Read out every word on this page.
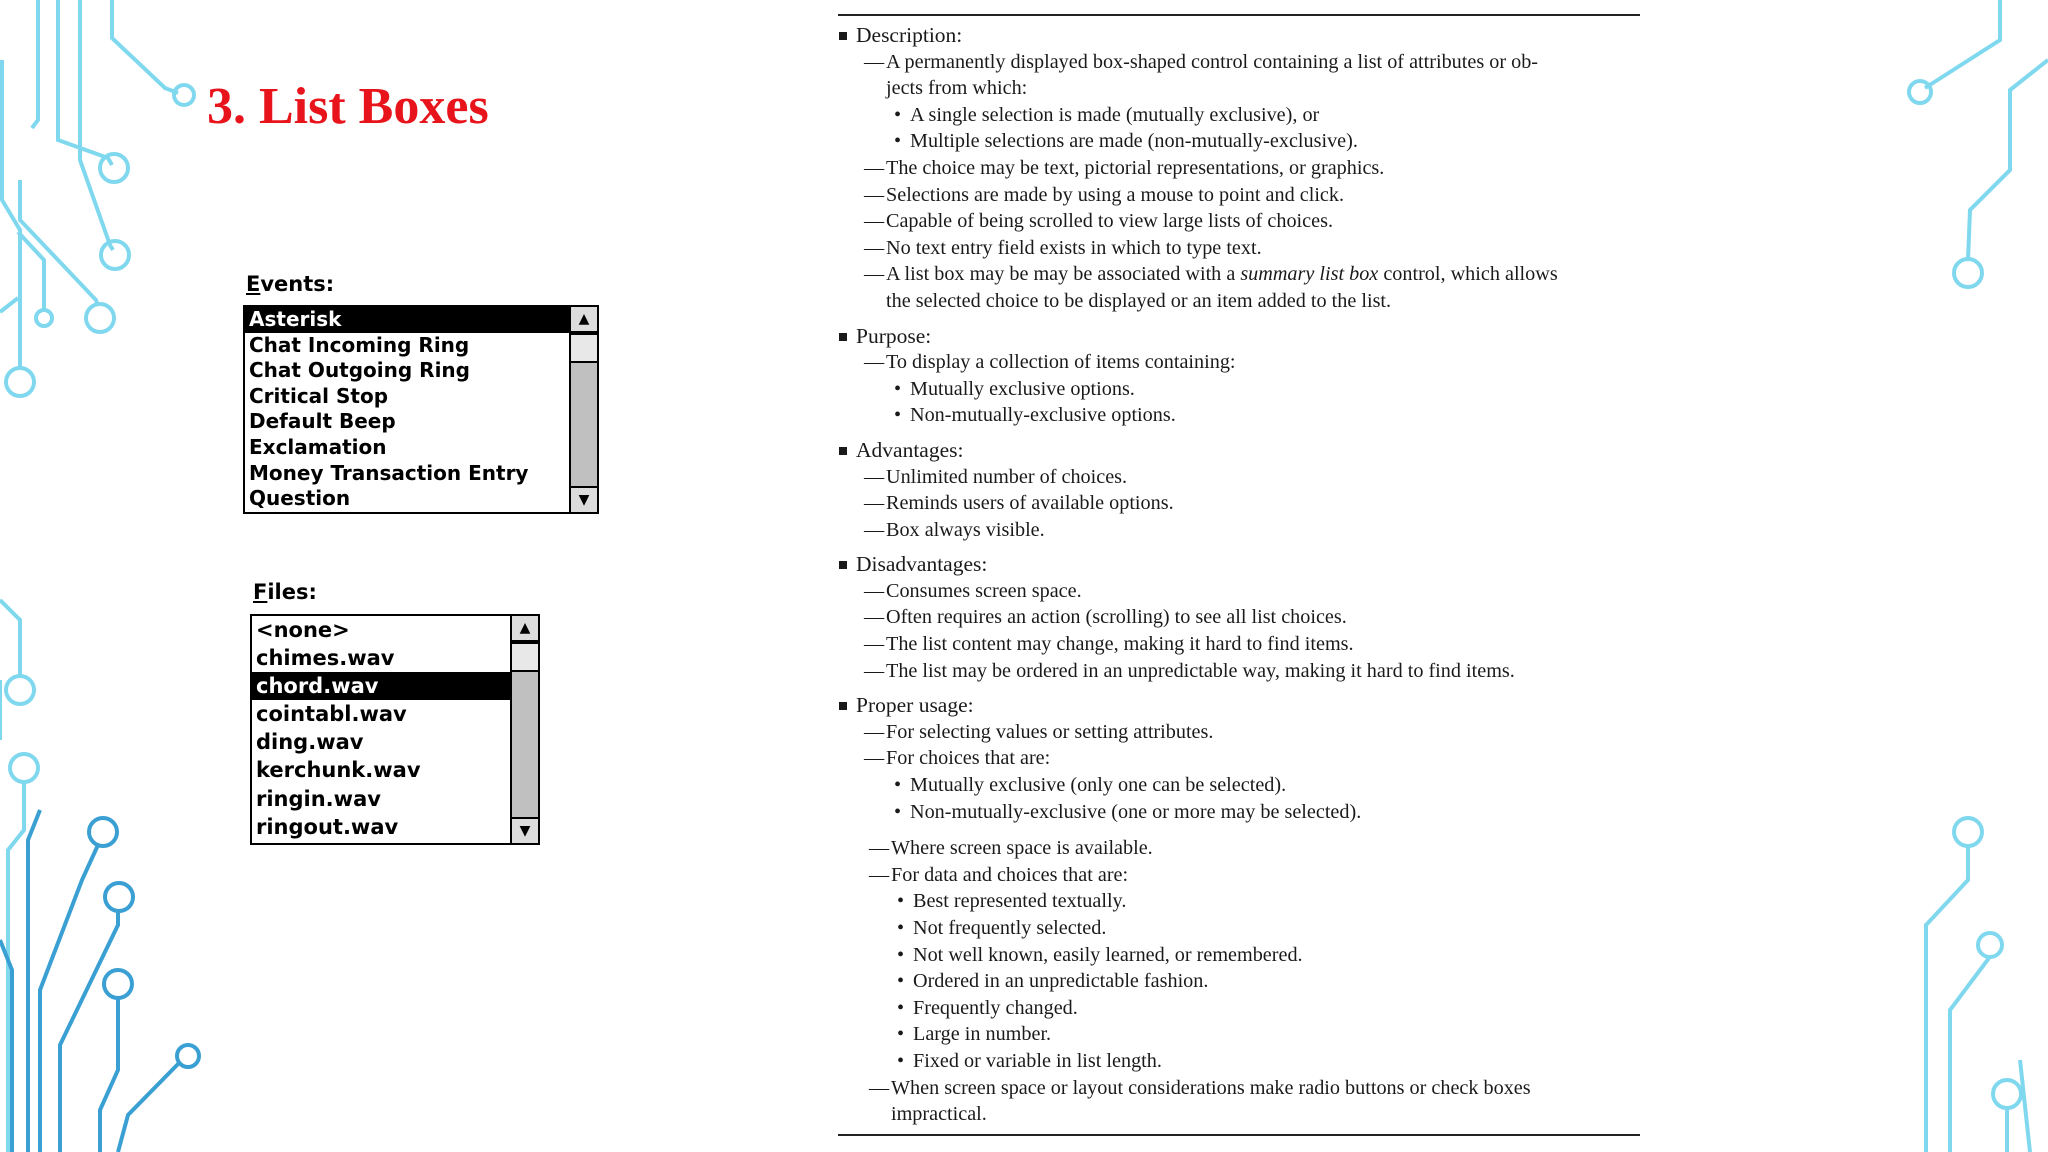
3. List Boxes
Events:
Asterisk
Chat Incoming Ring
Chat Outgoing Ring
Critical Stop
Default Beep
Exclamation
Money Transaction Entry
Question
▲
▼
Files:
<none>
chimes.wav
chord.wav
cointabl.wav
ding.wav
kerchunk.wav
ringin.wav
ringout.wav
▲
▼
Description:
— A permanently displayed box-shaped control containing a list of attributes or ob-
jects from which:
• A single selection is made (mutually exclusive), or
• Multiple selections are made (non-mutually-exclusive).
— The choice may be text, pictorial representations, or graphics.
— Selections are made by using a mouse to point and click.
— Capable of being scrolled to view large lists of choices.
— No text entry field exists in which to type text.
— A list box may be may be associated with a summary list box control, which allows
the selected choice to be displayed or an item added to the list.
Purpose:
— To display a collection of items containing:
• Mutually exclusive options.
• Non-mutually-exclusive options.
Advantages:
— Unlimited number of choices.
— Reminds users of available options.
— Box always visible.
Disadvantages:
— Consumes screen space.
— Often requires an action (scrolling) to see all list choices.
— The list content may change, making it hard to find items.
— The list may be ordered in an unpredictable way, making it hard to find items.
Proper usage:
— For selecting values or setting attributes.
— For choices that are:
• Mutually exclusive (only one can be selected).
• Non-mutually-exclusive (one or more may be selected).
— Where screen space is available.
— For data and choices that are:
• Best represented textually.
• Not frequently selected.
• Not well known, easily learned, or remembered.
• Ordered in an unpredictable fashion.
• Frequently changed.
• Large in number.
• Fixed or variable in list length.
— When screen space or layout considerations make radio buttons or check boxes
impractical.
